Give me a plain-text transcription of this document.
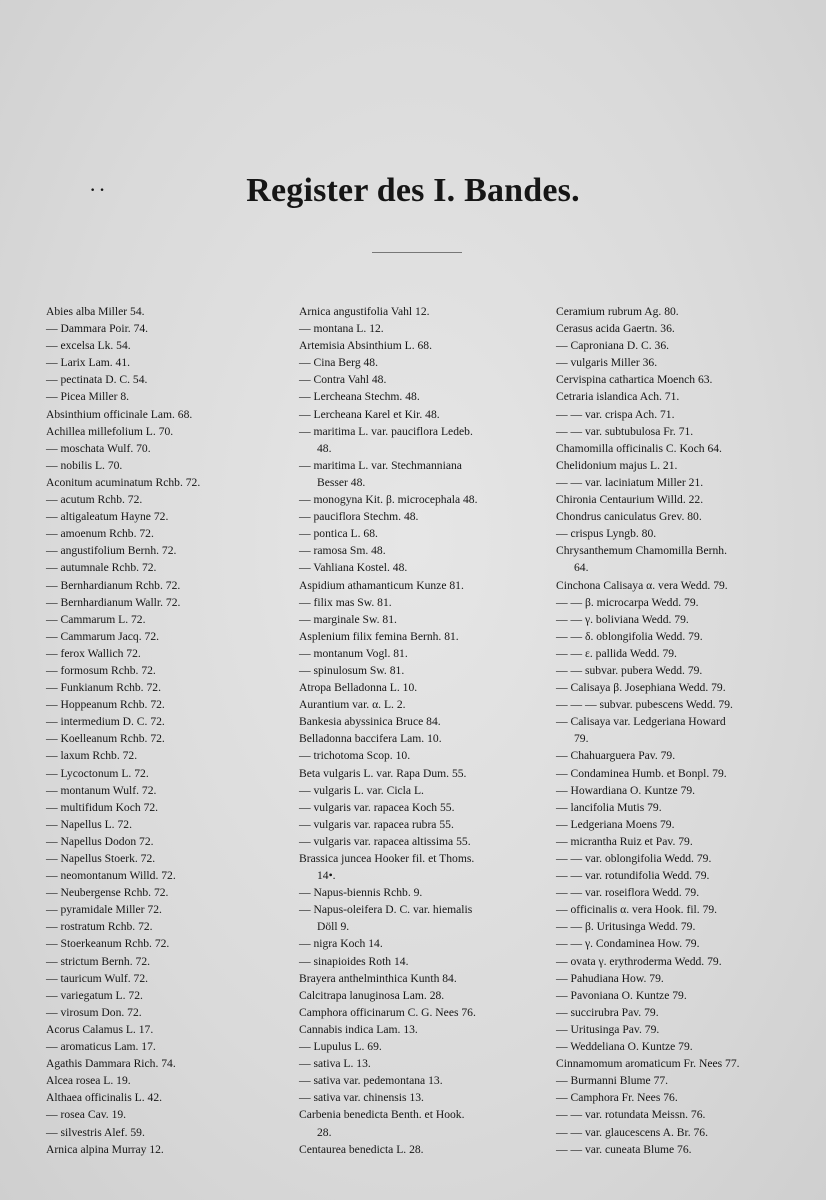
· ·	Register des I. Bandes.
Abies alba Miller 54.
— Dammara Poir. 74.
— excelsa Lk. 54.
— Larix Lam. 41.
— pectinata D. C. 54.
— Picea Miller 8.
Absinthium officinale Lam. 68.
Achillea millefolium L. 70.
— moschata Wulf. 70.
— nobilis L. 70.
Aconitum acuminatum Rchb. 72.
— acutum Rchb. 72.
— altigaleatum Hayne 72.
— amoenum Rchb. 72.
— angustifolium Bernh. 72.
— autumnale Rchb. 72.
— Bernhardianum Rchb. 72.
— Bernhardianum Wallr. 72.
— Cammarum L. 72.
— Cammarum Jacq. 72.
— ferox Wallich 72.
— formosum Rchb. 72.
— Funkianum Rchb. 72.
— Hoppeanum Rchb. 72.
— intermedium D. C. 72.
— Koelleanum Rchb. 72.
— laxum Rchb. 72.
— Lycoctonum L. 72.
— montanum Wulf. 72.
— multifidum Koch 72.
— Napellus L. 72.
— Napellus Dodon 72.
— Napellus Stoerk. 72.
— neomontanum Willd. 72.
— Neubergense Rchb. 72.
— pyramidale Miller 72.
— rostratum Rchb. 72.
— Stoerkeanum Rchb. 72.
— strictum Bernh. 72.
— tauricum Wulf. 72.
— variegatum L. 72.
— virosum Don. 72.
Acorus Calamus L. 17.
— aromaticus Lam. 17.
Agathis Dammara Rich. 74.
Alcea rosea L. 19.
Althaea officinalis L. 42.
— rosea Cav. 19.
— silvestris Alef. 59.
Arnica alpina Murray 12.
Arnica angustifolia Vahl 12.
— montana L. 12.
Artemisia Absinthium L. 68.
— Cina Berg 48.
— Contra Vahl 48.
— Lercheana Stechm. 48.
— Lercheana Karel et Kir. 48.
— maritima L. var. pauciflora Ledeb.
48.
— maritima L. var. Stechmanniana
Besser 48.
— monogyna Kit. β. microcephala 48.
— pauciflora Stechm. 48.
— pontica L. 68.
— ramosa Sm. 48.
— Vahliana Kostel. 48.
Aspidium athamanticum Kunze 81.
— filix mas Sw. 81.
— marginale Sw. 81.
Asplenium filix femina Bernh. 81.
— montanum Vogl. 81.
— spinulosum Sw. 81.
Atropa Belladonna L. 10.
Aurantium var. α. L. 2.
Bankesia abyssinica Bruce 84.
Belladonna baccifera Lam. 10.
— trichotoma Scop. 10.
Beta vulgaris L. var. Rapa Dum. 55.
— vulgaris L. var. Cicla L.
— vulgaris var. rapacea Koch 55.
— vulgaris var. rapacea rubra 55.
— vulgaris var. rapacea altissima 55.
Brassica juncea Hooker fil. et Thoms.
14•.
— Napus-biennis Rchb. 9.
— Napus-oleifera D. C. var. hiemalis
Döll 9.
— nigra Koch 14.
— sinapioides Roth 14.
Brayera anthelminthica Kunth 84.
Calcitrapa lanuginosa Lam. 28.
Camphora officinarum C. G. Nees 76.
Cannabis indica Lam. 13.
— Lupulus L. 69.
— sativa L. 13.
— sativa var. pedemontana 13.
— sativa var. chinensis 13.
Carbenia benedicta Benth. et Hook.
28.
Centaurea benedicta L. 28.
Ceramium rubrum Ag. 80.
Cerasus acida Gaertn. 36.
— Caproniana D. C. 36.
— vulgaris Miller 36.
Cervispina cathartica Moench 63.
Cetraria islandica Ach. 71.
— — var. crispa Ach. 71.
— — var. subtubulosa Fr. 71.
Chamomilla officinalis C. Koch 64.
Chelidonium majus L. 21.
— — var. laciniatum Miller 21.
Chironia Centaurium Willd. 22.
Chondrus caniculatus Grev. 80.
— crispus Lyngb. 80.
Chrysanthemum Chamomilla Bernh.
64.
Cinchona Calisaya α. vera Wedd. 79.
— — β. microcarpa Wedd. 79.
— — γ. boliviana Wedd. 79.
— — δ. oblongifolia Wedd. 79.
— — ε. pallida Wedd. 79.
— — subvar. pubera Wedd. 79.
— Calisaya β. Josephiana Wedd. 79.
— — — subvar. pubescens Wedd. 79.
— Calisaya var. Ledgeriana Howard
79.
— Chahuarguera Pav. 79.
— Condaminea Humb. et Bonpl. 79.
— Howardiana O. Kuntze 79.
— lancifolia Mutis 79.
— Ledgeriana Moens 79.
— micrantha Ruiz et Pav. 79.
— — var. oblongifolia Wedd. 79.
— — var. rotundifolia Wedd. 79.
— — var. roseiflora Wedd. 79.
— officinalis α. vera Hook. fil. 79.
— — β. Uritusinga Wedd. 79.
— — γ. Condaminea How. 79.
— ovata γ. erythroderma Wedd. 79.
— Pahudiana How. 79.
— Pavoniana O. Kuntze 79.
— succirubra Pav. 79.
— Uritusinga Pav. 79.
— Weddeliana O. Kuntze 79.
Cinnamomum aromaticum Fr. Nees 77.
— Burmanni Blume 77.
— Camphora Fr. Nees 76.
— — var. rotundata Meissn. 76.
— — var. glaucescens A. Br. 76.
— — var. cuneata Blume 76.
